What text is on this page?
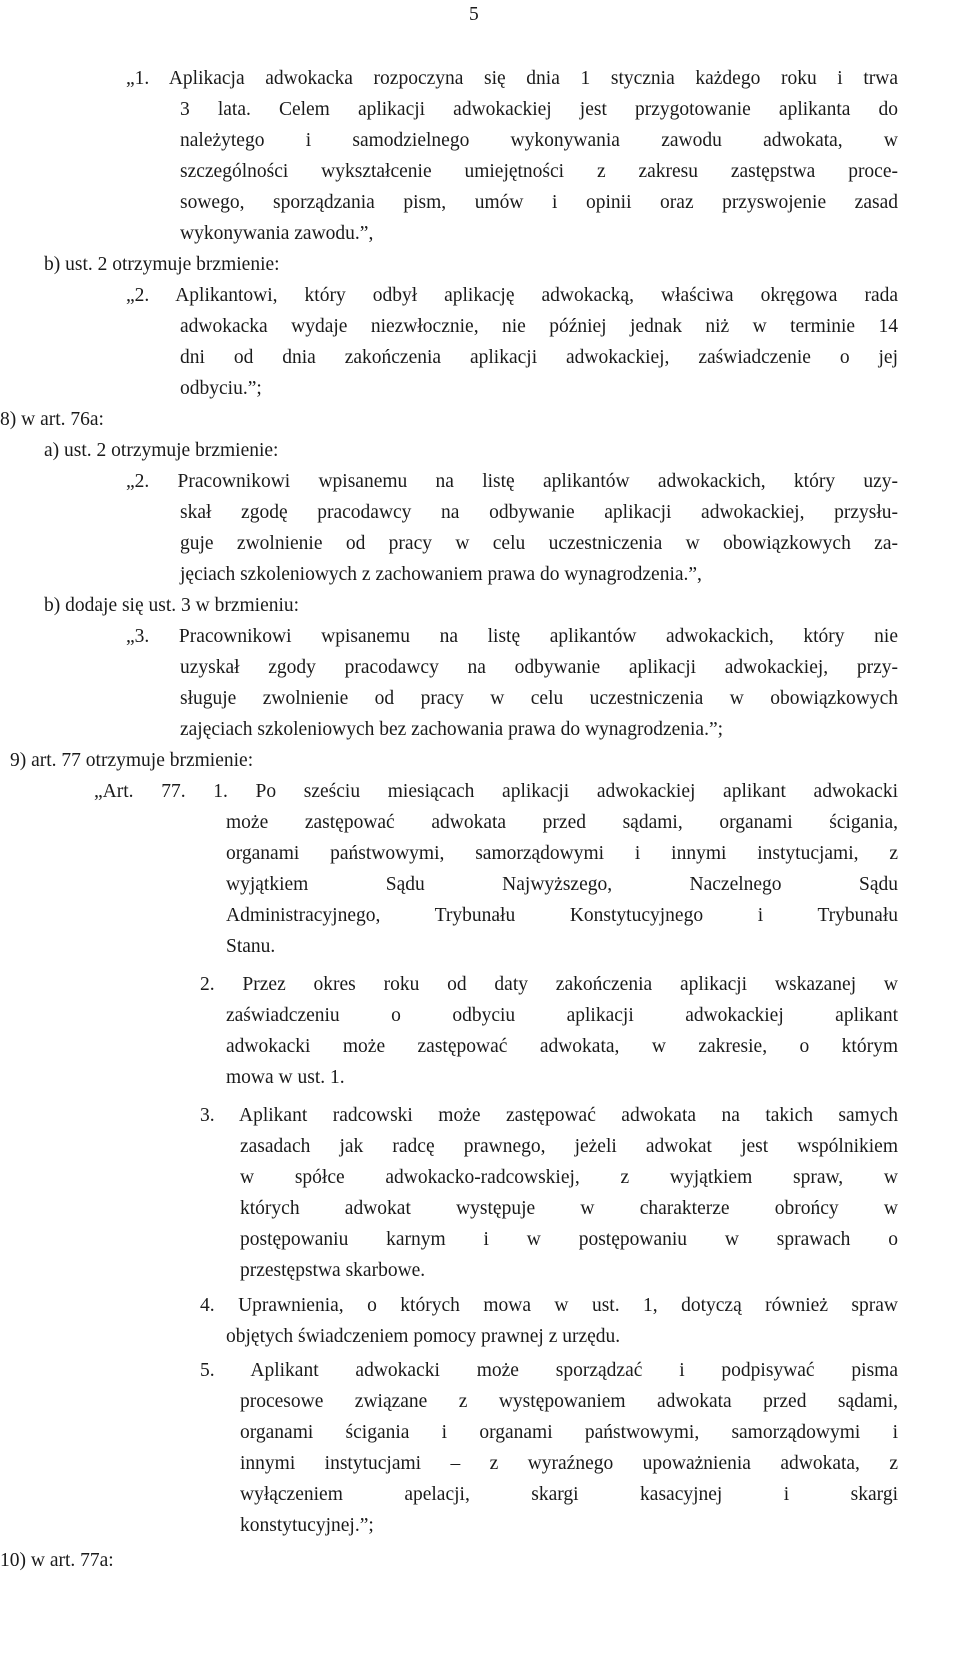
5
„1. Aplikacja adwokacka rozpoczyna się dnia 1 stycznia każdego roku i trwa
3 lata. Celem aplikacji adwokackiej jest przygotowanie aplikanta do
należytego i samodzielnego wykonywania zawodu adwokata, w
szczególności wykształcenie umiejętności z zakresu zastępstwa proce-
sowego, sporządzania pism, umów i opinii oraz przyswojenie zasad
wykonywania zawodu.”,
b) ust. 2 otrzymuje brzmienie:
„2. Aplikantowi, który odbył aplikację adwokacką, właściwa okręgowa rada
adwokacka wydaje niezwłocznie, nie później jednak niż w terminie 14
dni od dnia zakończenia aplikacji adwokackiej, zaświadczenie o jej
odbyciu.”;
8) w art. 76a:
a) ust. 2 otrzymuje brzmienie:
„2. Pracownikowi wpisanemu na listę aplikantów adwokackich, który uzy-
skał zgodę pracodawcy na odbywanie aplikacji adwokackiej, przysłu-
guje zwolnienie od pracy w celu uczestniczenia w obowiązkowych za-
jęciach szkoleniowych z zachowaniem prawa do wynagrodzenia.”,
b) dodaje się ust. 3 w brzmieniu:
„3. Pracownikowi wpisanemu na listę aplikantów adwokackich, który nie
uzyskał zgody pracodawcy na odbywanie aplikacji adwokackiej, przy-
sługuje zwolnienie od pracy w celu uczestniczenia w obowiązkowych
zajęciach szkoleniowych bez zachowania prawa do wynagrodzenia.”;
9) art. 77 otrzymuje brzmienie:
„Art. 77. 1. Po sześciu miesiącach aplikacji adwokackiej aplikant adwokacki
może zastępować adwokata przed sądami, organami ścigania,
organami państwowymi, samorządowymi i innymi instytucjami, z
wyjątkiem Sądu Najwyższego, Naczelnego Sądu
Administracyjnego, Trybunału Konstytucyjnego i Trybunału
Stanu.
2. Przez okres roku od daty zakończenia aplikacji wskazanej w
zaświadczeniu o odbyciu aplikacji adwokackiej aplikant
adwokacki może zastępować adwokata, w zakresie, o którym
mowa w ust. 1.
3. Aplikant radcowski może zastępować adwokata na takich samych
zasadach jak radcę prawnego, jeżeli adwokat jest wspólnikiem
w spółce adwokacko-radcowskiej, z wyjątkiem spraw, w
których adwokat występuje w charakterze obrońcy w
postępowaniu karnym i w postępowaniu w sprawach o
przestępstwa skarbowe.
4. Uprawnienia, o których mowa w ust. 1, dotyczą również spraw
objętych świadczeniem pomocy prawnej z urzędu.
5. Aplikant adwokacki może sporządzać i podpisywać pisma
procesowe związane z występowaniem adwokata przed sądami,
organami ścigania i organami państwowymi, samorządowymi i
innymi instytucjami – z wyraźnego upoważnienia adwokata, z
wyłączeniem apelacji, skargi kasacyjnej i skargi
konstytucyjnej.”;
10) w art. 77a:
